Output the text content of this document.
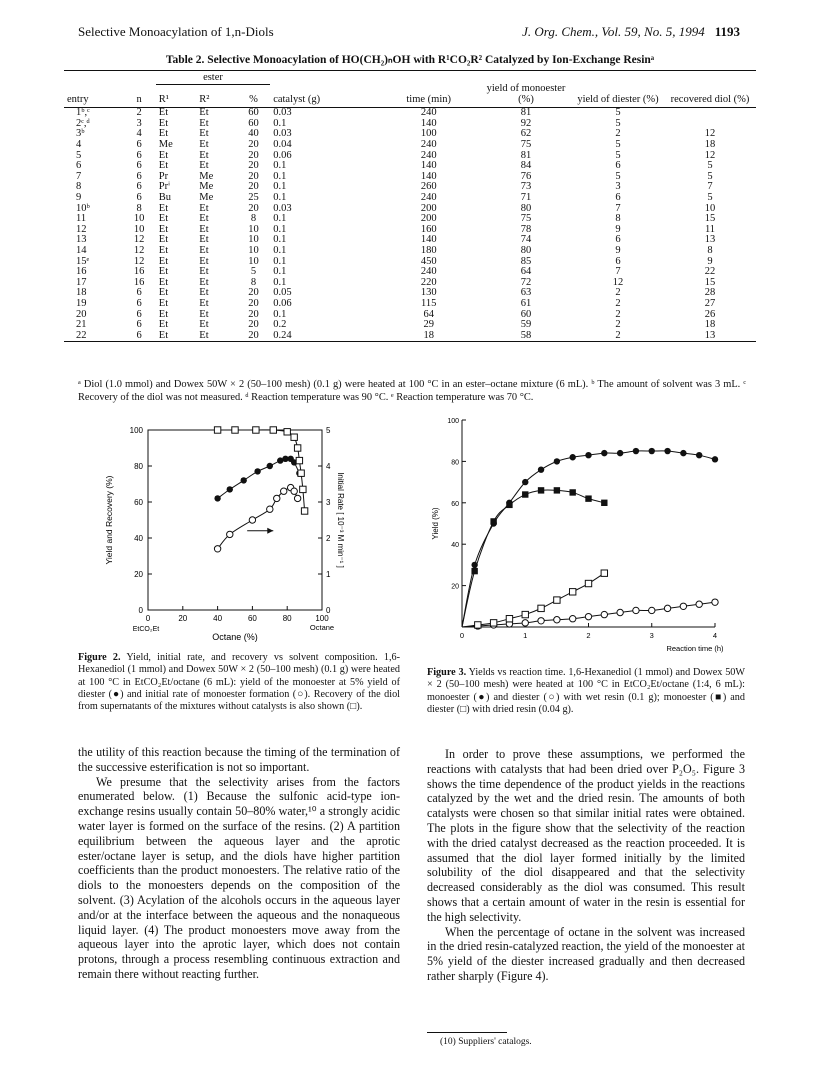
Selective Monoacylation of 1,n-Diols	J. Org. Chem., Vol. 59, No. 5, 1994 1193
Table 2. Selective Monoacylation of HO(CH₂)ₙOH with R¹CO₂R² Catalyzed by Ion-Exchange Resinᵃ
		ester							
entry	n	R¹	R²	%	catalyst (g)	time (min)	yield of monoester (%)	yield of diester (%)	recovered diol (%)
1ᵇ,ᶜ	2	Et	Et	60	0.03	240	81	5	
2ᶜ,ᵈ	3	Et	Et	60	0.1	140	92	5	
3ᵇ	4	Et	Et	40	0.03	100	62	2	12
4	6	Me	Et	20	0.04	240	75	5	18
5	6	Et	Et	20	0.06	240	81	5	12
6	6	Et	Et	20	0.1	140	84	6	5
7	6	Pr	Me	20	0.1	140	76	5	5
8	6	Prⁱ	Me	20	0.1	260	73	3	7
9	6	Bu	Me	25	0.1	240	71	6	5
10ᵇ	8	Et	Et	20	0.03	200	80	7	10
11	10	Et	Et	8	0.1	200	75	8	15
12	10	Et	Et	10	0.1	160	78	9	11
13	12	Et	Et	10	0.1	140	74	6	13
14	12	Et	Et	10	0.1	180	80	9	8
15ᵉ	12	Et	Et	10	0.1	450	85	6	9
16	16	Et	Et	5	0.1	240	64	7	22
17	16	Et	Et	8	0.1	220	72	12	15
18	6	Et	Et	20	0.05	130	63	2	28
19	6	Et	Et	20	0.06	115	61	2	27
20	6	Et	Et	20	0.1	64	60	2	26
21	6	Et	Et	20	0.2	29	59	2	18
22	6	Et	Et	20	0.24	18	58	2	13
ᵃ Diol (1.0 mmol) and Dowex 50W × 2 (50–100 mesh) (0.1 g) were heated at 100 °C in an ester–octane mixture (6 mL). ᵇ The amount of solvent was 3 mL. ᶜ Recovery of the diol was not measured. ᵈ Reaction temperature was 90 °C. ᵉ Reaction temperature was 70 °C.
0	20	40	60	80	100
0
20
40
60
80
100
0
1
2
3
4
5
EtCO₂Et	Octane
Octane (%)
Yield and Recovery (%)	Initial Rate [ 10⁻³ M min⁻¹ ]
Figure 2. Yield, initial rate, and recovery vs solvent composition. 1,6-Hexanediol (1 mmol) and Dowex 50W × 2 (50–100 mesh) (0.1 g) were heated at 100 °C in EtCO₂Et/octane (6 mL): yield of the monoester at 5% yield of diester (●) and initial rate of monoester formation (○). Recovery of the diol from supernatants of the mixtures without catalysts is also shown (□).
0	1	2	3	4
20
40
60
80
100
Reaction time (h)
Yield (%)
Figure 3. Yields vs reaction time. 1,6-Hexanediol (1 mmol) and Dowex 50W × 2 (50–100 mesh) were heated at 100 °C in EtCO₂Et/octane (1:4, 6 mL): monoester (●) and diester (○) with wet resin (0.1 g); monoester (■) and diester (□) with dried resin (0.04 g).

the utility of this reaction because the timing of the termination of the successive esterification is not so important.

We presume that the selectivity arises from the factors enumerated below. (1) Because the sulfonic acid-type ion-exchange resins usually contain 50–80% water,¹⁰ a strongly acidic water layer is formed on the surface of the resins. (2) A partition equilibrium between the aqueous layer and the aprotic ester/octane layer is setup, and the diols have higher partition coefficients than the product monoesters. The relative ratio of the diols to the monoesters depends on the composition of the solvent. (3) Acylation of the alcohols occurs in the aqueous layer and/or at the interface between the aqueous and the nonaqueous liquid layer. (4) The product monoesters move away from the aqueous layer into the aprotic layer, which does not contain protons, through a process resembling continuous extraction and remain there without reacting further.

In order to prove these assumptions, we performed the reactions with catalysts that had been dried over P₂O₅. Figure 3 shows the time dependence of the product yields in the reactions catalyzed by the wet and the dried resin. The amounts of both catalysts were chosen so that similar initial rates were obtained. The plots in the figure show that the selectivity of the reaction with the dried catalyst decreased as the reaction proceeded. It is assumed that the diol layer formed initially by the limited solubility of the diol disappeared and that the selectivity decreased considerably as the diol was consumed. This result shows that a certain amount of water in the resin is essential for the high selectivity.

When the percentage of octane in the solvent was increased in the dried resin-catalyzed reaction, the yield of the monoester at 5% yield of the diester increased gradually and then decreased rather sharply (Figure 4).

(10) Suppliers' catalogs.
